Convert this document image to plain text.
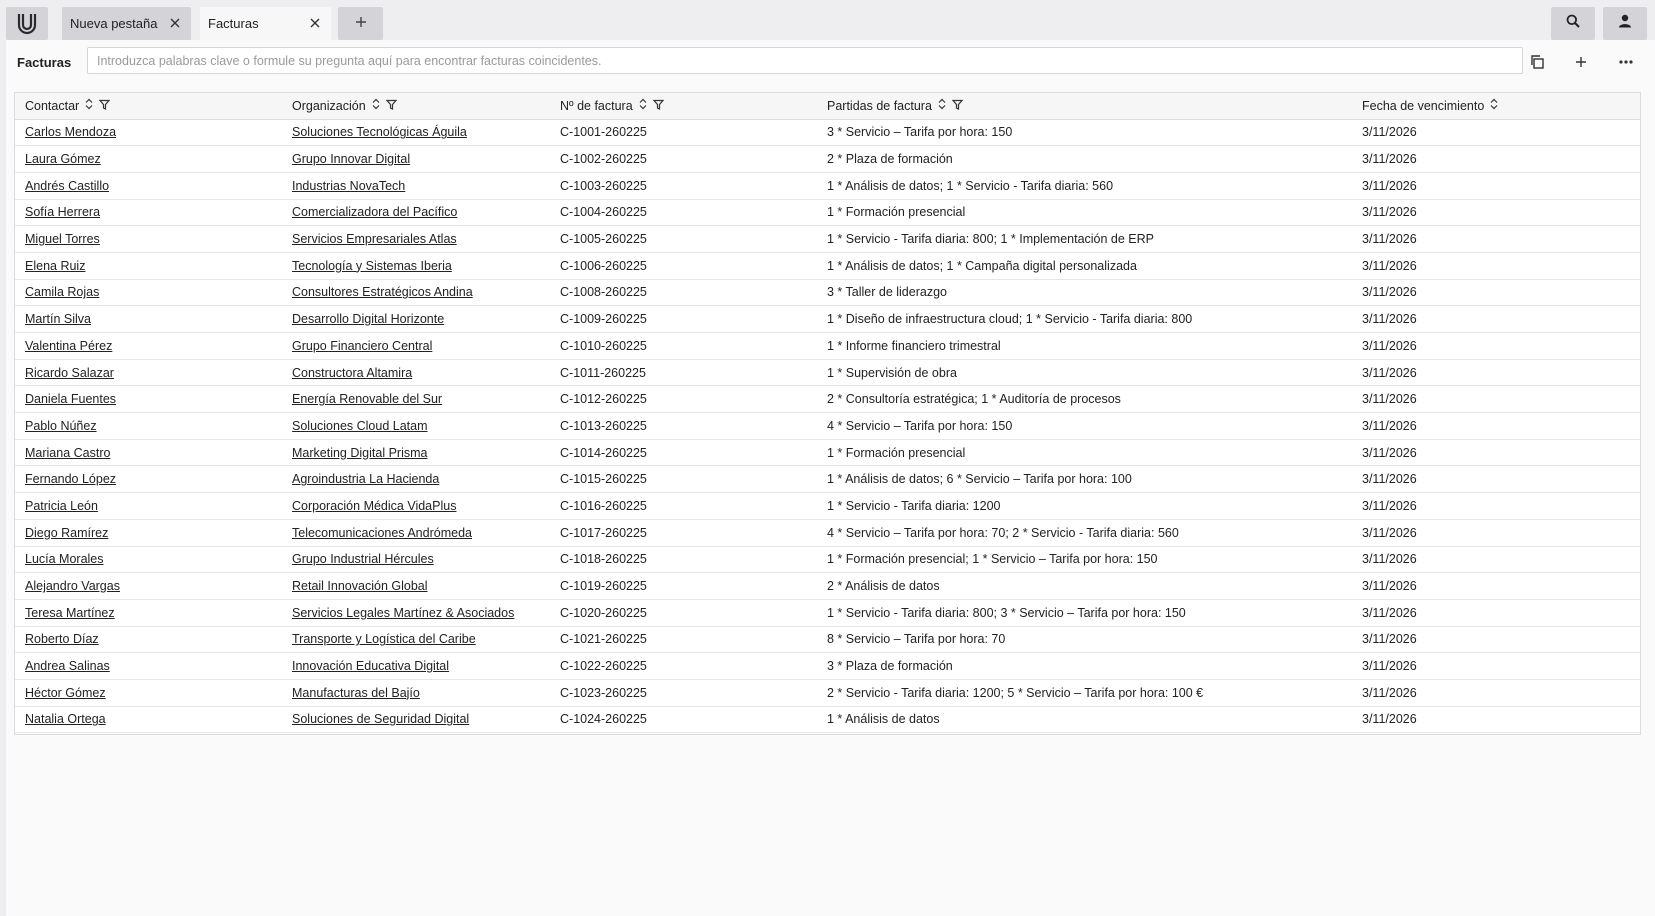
Nueva pestaña	Facturas
Facturas
Introduzca palabras clave o formule su pregunta aquí para encontrar facturas coincidentes.
Contactar	Organización	Nº de factura	Partidas de factura	Fecha de vencimiento

Carlos Mendoza	Soluciones Tecnológicas Águila	C-1001-260225	3 * Servicio – Tarifa por hora: 150	3/11/2026
Laura Gómez	Grupo Innovar Digital	C-1002-260225	2 * Plaza de formación	3/11/2026
Andrés Castillo	Industrias NovaTech	C-1003-260225	1 * Análisis de datos; 1 * Servicio - Tarifa diaria: 560	3/11/2026
Sofía Herrera	Comercializadora del Pacífico	C-1004-260225	1 * Formación presencial	3/11/2026
Miguel Torres	Servicios Empresariales Atlas	C-1005-260225	1 * Servicio - Tarifa diaria: 800; 1 * Implementación de ERP	3/11/2026
Elena Ruiz	Tecnología y Sistemas Iberia	C-1006-260225	1 * Análisis de datos; 1 * Campaña digital personalizada	3/11/2026
Camila Rojas	Consultores Estratégicos Andina	C-1008-260225	3 * Taller de liderazgo	3/11/2026
Martín Silva	Desarrollo Digital Horizonte	C-1009-260225	1 * Diseño de infraestructura cloud; 1 * Servicio - Tarifa diaria: 800	3/11/2026
Valentina Pérez	Grupo Financiero Central	C-1010-260225	1 * Informe financiero trimestral	3/11/2026
Ricardo Salazar	Constructora Altamira	C-1011-260225	1 * Supervisión de obra	3/11/2026
Daniela Fuentes	Energía Renovable del Sur	C-1012-260225	2 * Consultoría estratégica; 1 * Auditoría de procesos	3/11/2026
Pablo Núñez	Soluciones Cloud Latam	C-1013-260225	4 * Servicio – Tarifa por hora: 150	3/11/2026
Mariana Castro	Marketing Digital Prisma	C-1014-260225	1 * Formación presencial	3/11/2026
Fernando López	Agroindustria La Hacienda	C-1015-260225	1 * Análisis de datos; 6 * Servicio – Tarifa por hora: 100	3/11/2026
Patricia León	Corporación Médica VidaPlus	C-1016-260225	1 * Servicio - Tarifa diaria: 1200	3/11/2026
Diego Ramírez	Telecomunicaciones Andrómeda	C-1017-260225	4 * Servicio – Tarifa por hora: 70; 2 * Servicio - Tarifa diaria: 560	3/11/2026
Lucía Morales	Grupo Industrial Hércules	C-1018-260225	1 * Formación presencial; 1 * Servicio – Tarifa por hora: 150	3/11/2026
Alejandro Vargas	Retail Innovación Global	C-1019-260225	2 * Análisis de datos	3/11/2026
Teresa Martínez	Servicios Legales Martínez & Asociados	C-1020-260225	1 * Servicio - Tarifa diaria: 800; 3 * Servicio – Tarifa por hora: 150	3/11/2026
Roberto Díaz	Transporte y Logística del Caribe	C-1021-260225	8 * Servicio – Tarifa por hora: 70	3/11/2026
Andrea Salinas	Innovación Educativa Digital	C-1022-260225	3 * Plaza de formación	3/11/2026
Héctor Gómez	Manufacturas del Bajío	C-1023-260225	2 * Servicio - Tarifa diaria: 1200; 5 * Servicio – Tarifa por hora: 100 €	3/11/2026
Natalia Ortega	Soluciones de Seguridad Digital	C-1024-260225	1 * Análisis de datos	3/11/2026
